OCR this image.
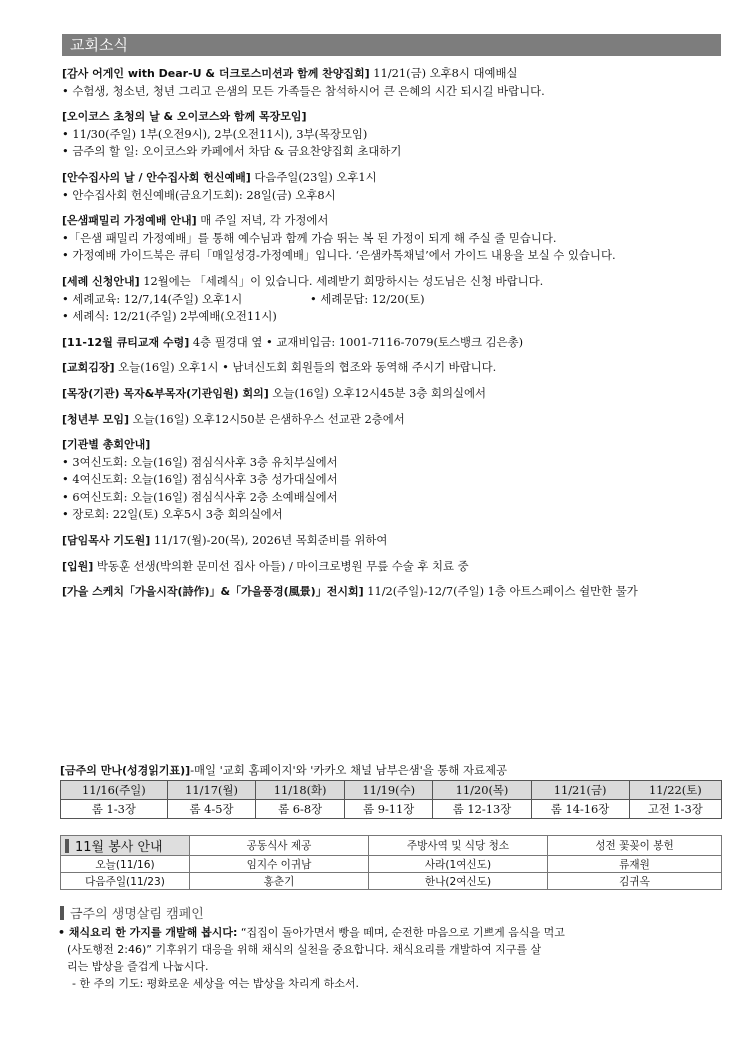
교회소식
[감사 어게인 with Dear-U & 더크로스미션과 함께 찬양집회] 11/21(금) 오후8시 대예배실
• 수험생, 청소년, 청년 그리고 은샘의 모든 가족들은 참석하시어 큰 은혜의 시간 되시길 바랍니다.
[오이코스 초청의 날 & 오이코스와 함께 목장모임]
• 11/30(주일) 1부(오전9시), 2부(오전11시), 3부(목장모임)
• 금주의 할 일: 오이코스와 카페에서 차담 & 금요찬양집회 초대하기
[안수집사의 날 / 안수집사회 헌신예배] 다음주일(23일) 오후1시
• 안수집사회 헌신예배(금요기도회): 28일(금) 오후8시
[은샘패밀리 가정예배 안내] 매 주일 저녁, 각 가정에서
•「은샘 패밀리 가정예배」를 통해 예수님과 함께 가슴 뛰는 복 된 가정이 되게 해 주실 줄 믿습니다.
• 가정예배 가이드북은 큐티「매일성경-가정예배」입니다. ‘은샘카톡채널’에서 가이드 내용을 보실 수 있습니다.
[세례 신청안내] 12월에는 「세례식」이 있습니다. 세례받기 희망하시는 성도님은 신청 바랍니다.
• 세례교육: 12/7,14(주일) 오후1시	• 세례문답: 12/20(토)
• 세례식: 12/21(주일) 2부예배(오전11시)
[11-12월 큐티교재 수령] 4층 필경대 옆 • 교재비입금: 1001-7116-7079(토스뱅크 김은총)
[교회김장] 오늘(16일) 오후1시 • 남녀신도회 회원들의 협조와 동역해 주시기 바랍니다.
[목장(기관) 목자&부목자(기관임원) 회의] 오늘(16일) 오후12시45분 3층 회의실에서
[청년부 모임] 오늘(16일) 오후12시50분 은샘하우스 선교관 2층에서
[기관별 총회안내]
• 3여신도회: 오늘(16일) 점심식사후 3층 유치부실에서
• 4여신도회: 오늘(16일) 점심식사후 3층 성가대실에서
• 6여신도회: 오늘(16일) 점심식사후 2층 소예배실에서
• 장로회: 22일(토) 오후5시 3층 회의실에서
[담임목사 기도원] 11/17(월)-20(목), 2026년 목회준비를 위하여
[입원] 박동훈 선생(박의환 문미선 집사 아들) / 마이크로병원 무릎 수술 후 치료 중
[가을 스케치「가을시작(詩作)」&「가을풍경(風景)」전시회] 11/2(주일)-12/7(주일) 1층 아트스페이스 쉴만한 물가
[금주의 만나(성경읽기표)]-매일 '교회 홈페이지'와 '카카오 채널 남부은샘'을 통해 자료제공
11/16(주일)	11/17(월)	11/18(화)	11/19(수)	11/20(목)	11/21(금)	11/22(토)
롬 1-3장	롬 4-5장	롬 6-8장	롬 9-11장	롬 12-13장	롬 14-16장	고전 1-3장
11월 봉사 안내	공동식사 제공	주방사역 및 식당 청소	성전 꽃꽂이 봉헌
오늘(11/16)	임지수 이귀남	사라(1여신도)	류재원
다음주일(11/23)	홍춘기	한나(2여신도)	김귀옥
금주의 생명살림 캠페인
• 채식요리 한 가지를 개발해 봅시다: “집집이 돌아가면서 빵을 떼며, 순전한 마음으로 기쁘게 음식을 먹고
(사도행전 2:46)” 기후위기 대응을 위해 채식의 실천을 중요합니다. 채식요리를 개발하여 지구를 살
리는 밥상을 즐겁게 나눕시다.
- 한 주의 기도: 평화로운 세상을 여는 밥상을 차리게 하소서.
